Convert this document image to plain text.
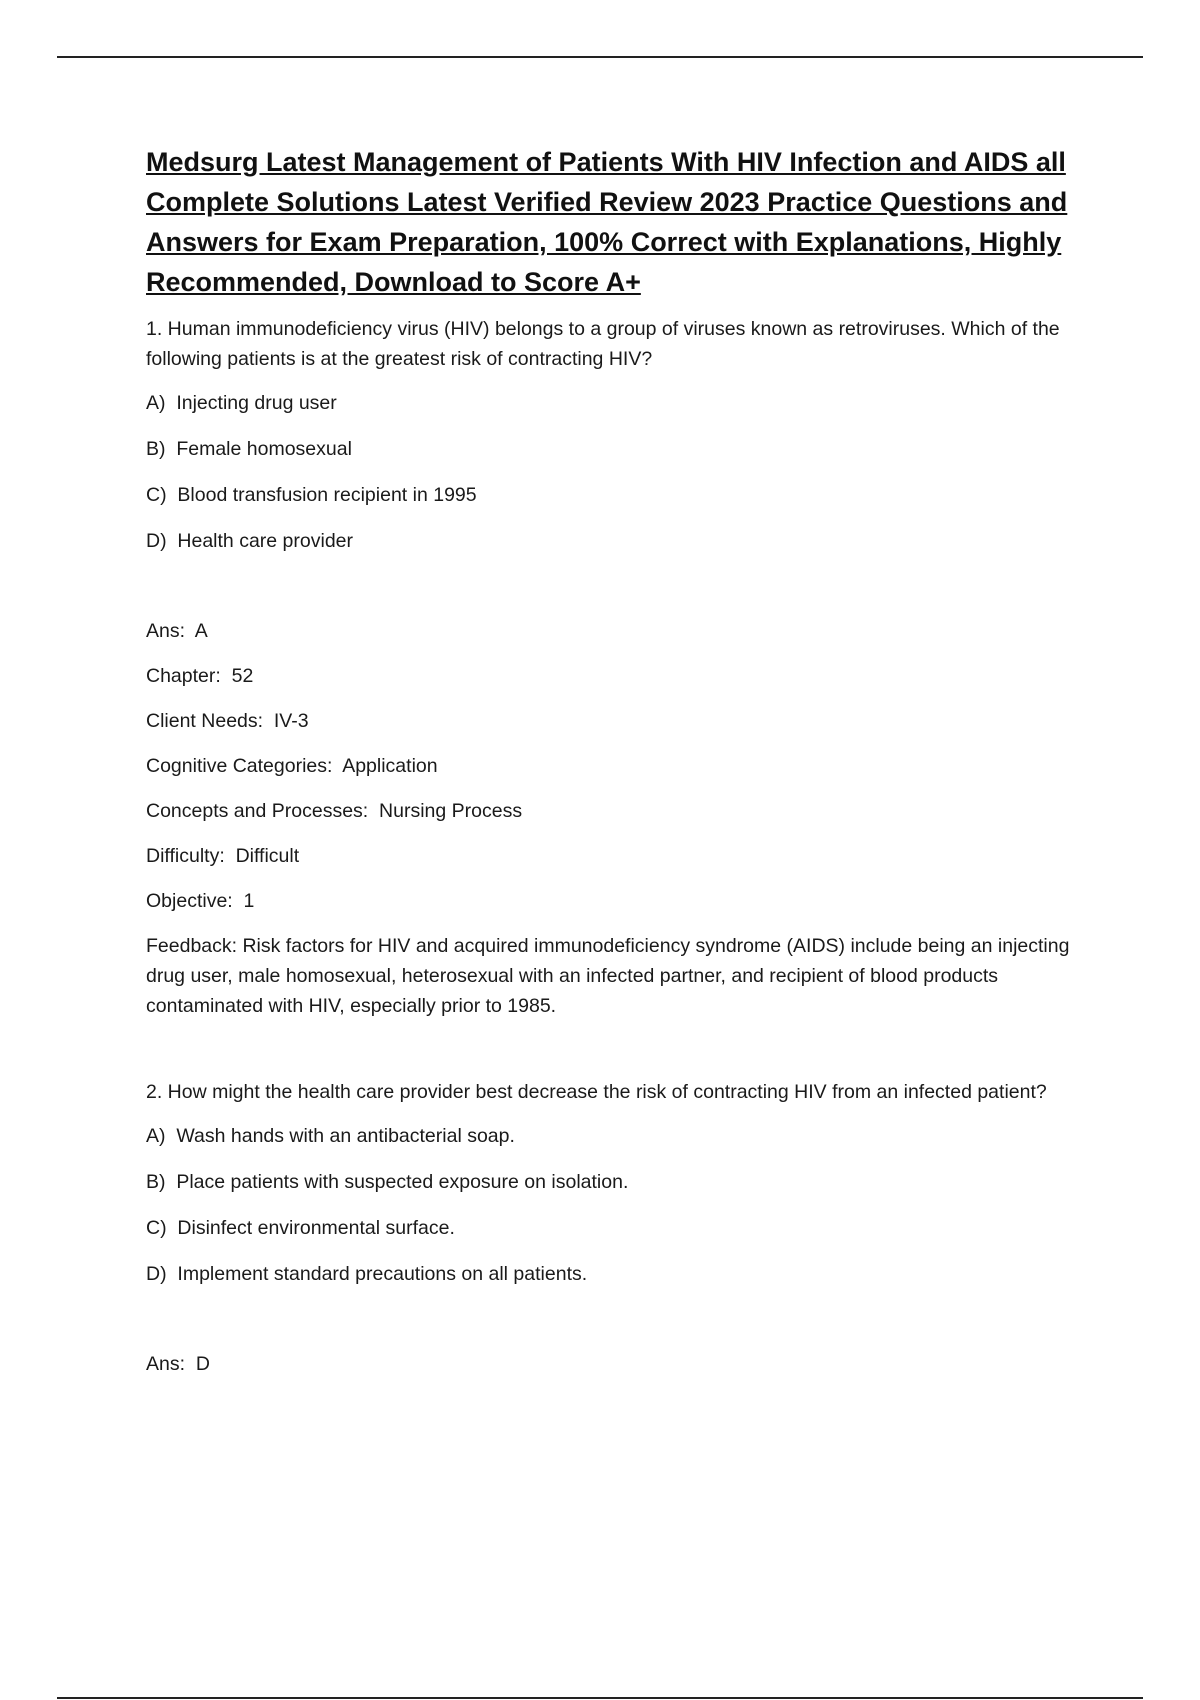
Medsurg Latest Management of Patients With HIV Infection and AIDS all
Complete Solutions Latest Verified Review 2023 Practice Questions and
Answers for Exam Preparation, 100% Correct with Explanations, Highly
Recommended, Download to Score A+

1. Human immunodeficiency virus (HIV) belongs to a group of viruses known as retroviruses. Which of the following patients is at the greatest risk of contracting HIV?

A)  Injecting drug user

B)  Female homosexual

C)  Blood transfusion recipient in 1995

D)  Health care provider

Ans:  A

Chapter:  52

Client Needs:  IV-3

Cognitive Categories:  Application

Concepts and Processes:  Nursing Process

Difficulty:  Difficult

Objective:  1

Feedback: Risk factors for HIV and acquired immunodeficiency syndrome (AIDS) include being an injecting drug user, male homosexual, heterosexual with an infected partner, and recipient of blood products contaminated with HIV, especially prior to 1985.

2. How might the health care provider best decrease the risk of contracting HIV from an infected patient?

A)  Wash hands with an antibacterial soap.

B)  Place patients with suspected exposure on isolation.

C)  Disinfect environmental surface.

D)  Implement standard precautions on all patients.

Ans:  D
